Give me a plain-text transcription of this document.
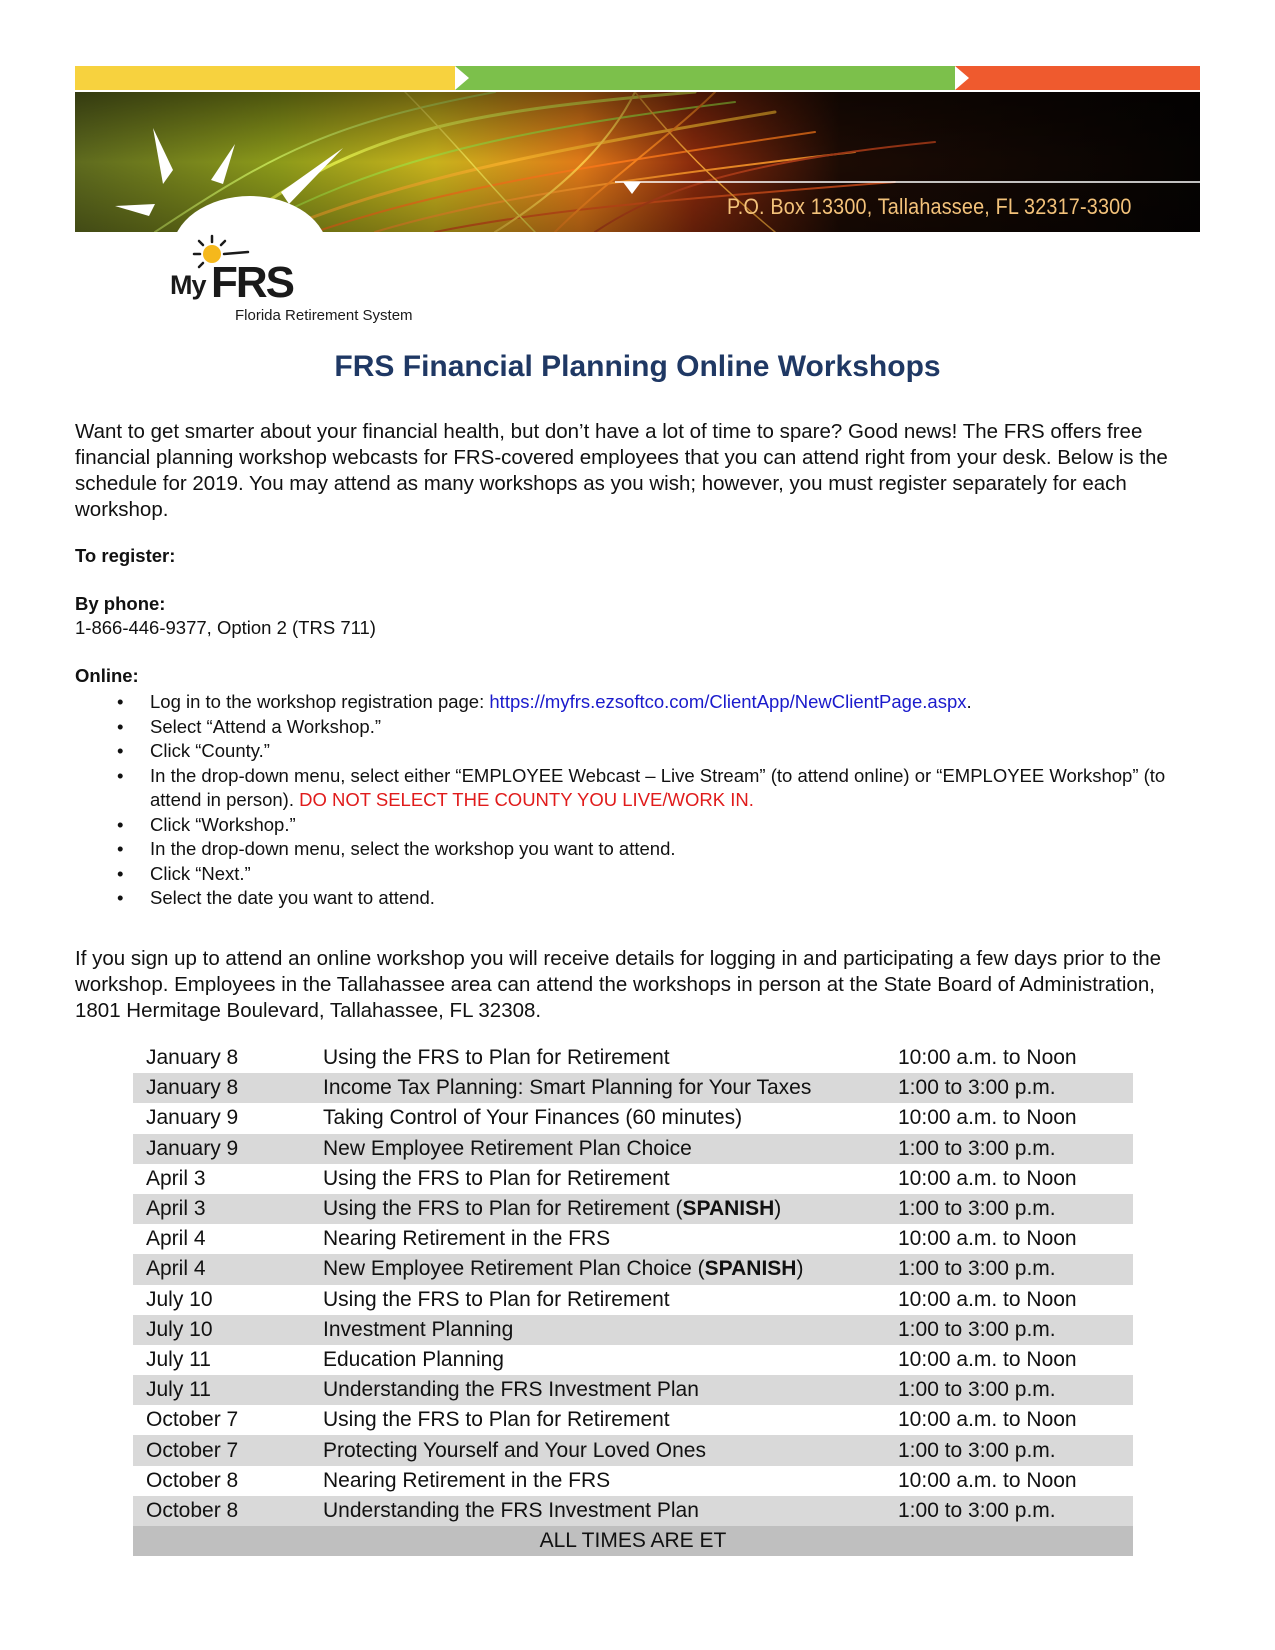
P.O. Box 13300, Tallahassee, FL 32317-3300
My FRS
Florida Retirement System
FRS Financial Planning Online Workshops
Want to get smarter about your financial health, but don’t have a lot of time to spare? Good news! The FRS offers free financial planning workshop webcasts for FRS-covered employees that you can attend right from your desk. Below is the schedule for 2019. You may attend as many workshops as you wish; however, you must register separately for each workshop.
To register:
By phone:
1-866-446-9377, Option 2 (TRS 711)
Online:
• Log in to the workshop registration page: https://myfrs.ezsoftco.com/ClientApp/NewClientPage.aspx.
• Select “Attend a Workshop.”
• Click “County.”
• In the drop-down menu, select either “EMPLOYEE Webcast – Live Stream” (to attend online) or “EMPLOYEE Workshop” (to attend in person). DO NOT SELECT THE COUNTY YOU LIVE/WORK IN.
• Click “Workshop.”
• In the drop-down menu, select the workshop you want to attend.
• Click “Next.”
• Select the date you want to attend.
If you sign up to attend an online workshop you will receive details for logging in and participating a few days prior to the workshop. Employees in the Tallahassee area can attend the workshops in person at the State Board of Administration, 1801 Hermitage Boulevard, Tallahassee, FL 32308.
January 8	Using the FRS to Plan for Retirement	10:00 a.m. to Noon
January 8	Income Tax Planning: Smart Planning for Your Taxes	1:00 to 3:00 p.m.
January 9	Taking Control of Your Finances (60 minutes)	10:00 a.m. to Noon
January 9	New Employee Retirement Plan Choice	1:00 to 3:00 p.m.
April 3	Using the FRS to Plan for Retirement	10:00 a.m. to Noon
April 3	Using the FRS to Plan for Retirement (SPANISH)	1:00 to 3:00 p.m.
April 4	Nearing Retirement in the FRS	10:00 a.m. to Noon
April 4	New Employee Retirement Plan Choice (SPANISH)	1:00 to 3:00 p.m.
July 10	Using the FRS to Plan for Retirement	10:00 a.m. to Noon
July 10	Investment Planning	1:00 to 3:00 p.m.
July 11	Education Planning	10:00 a.m. to Noon
July 11	Understanding the FRS Investment Plan	1:00 to 3:00 p.m.
October 7	Using the FRS to Plan for Retirement	10:00 a.m. to Noon
October 7	Protecting Yourself and Your Loved Ones	1:00 to 3:00 p.m.
October 8	Nearing Retirement in the FRS	10:00 a.m. to Noon
October 8	Understanding the FRS Investment Plan	1:00 to 3:00 p.m.
ALL TIMES ARE ET		
